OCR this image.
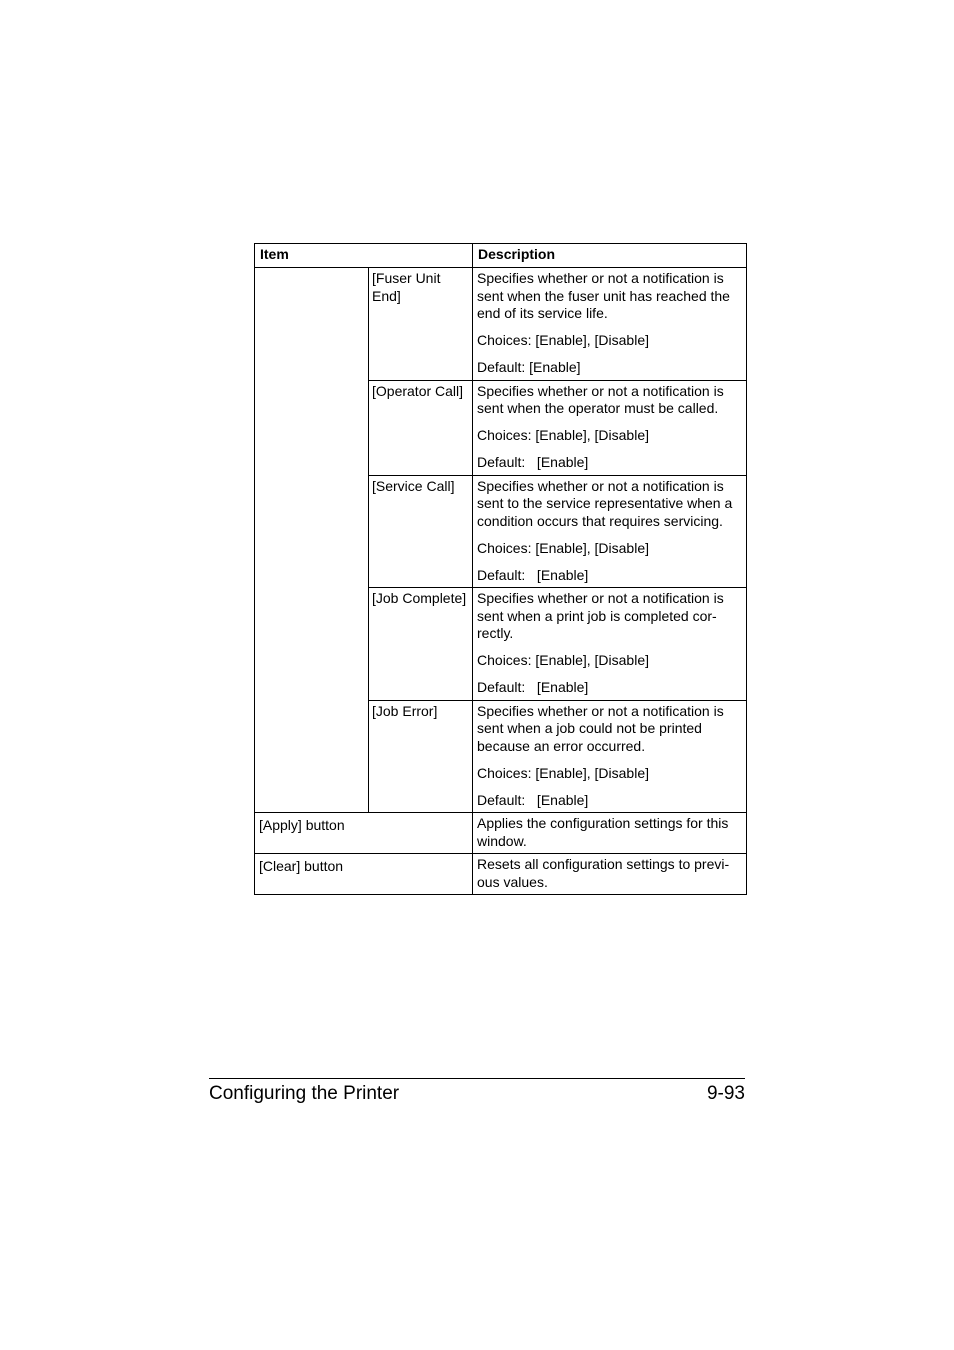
Item		Description
	[Fuser Unit End]	Specifies whether or not a notification is sent when the fuser unit has reached the end of its service life.

Choices: [Enable], [Disable]

Default: [Enable]

	[Operator Call]	Specifies whether or not a notification is sent when the operator must be called.

Choices: [Enable], [Disable]

Default:   [Enable]

	[Service Call]	Specifies whether or not a notification is sent to the service representative when a condition occurs that requires servicing.

Choices: [Enable], [Disable]

Default:   [Enable]

	[Job Complete]	Specifies whether or not a notification is sent when a print job is completed cor-rectly.

Choices: [Enable], [Disable]

Default:   [Enable]

	[Job Error]	Specifies whether or not a notification is sent when a job could not be printed because an error occurred.

Choices: [Enable], [Disable]

Default:   [Enable]

[Apply] button		Applies the configuration settings for this window.

[Clear] button		Resets all configuration settings to previ-ous values.

Configuring the Printer	9-93
